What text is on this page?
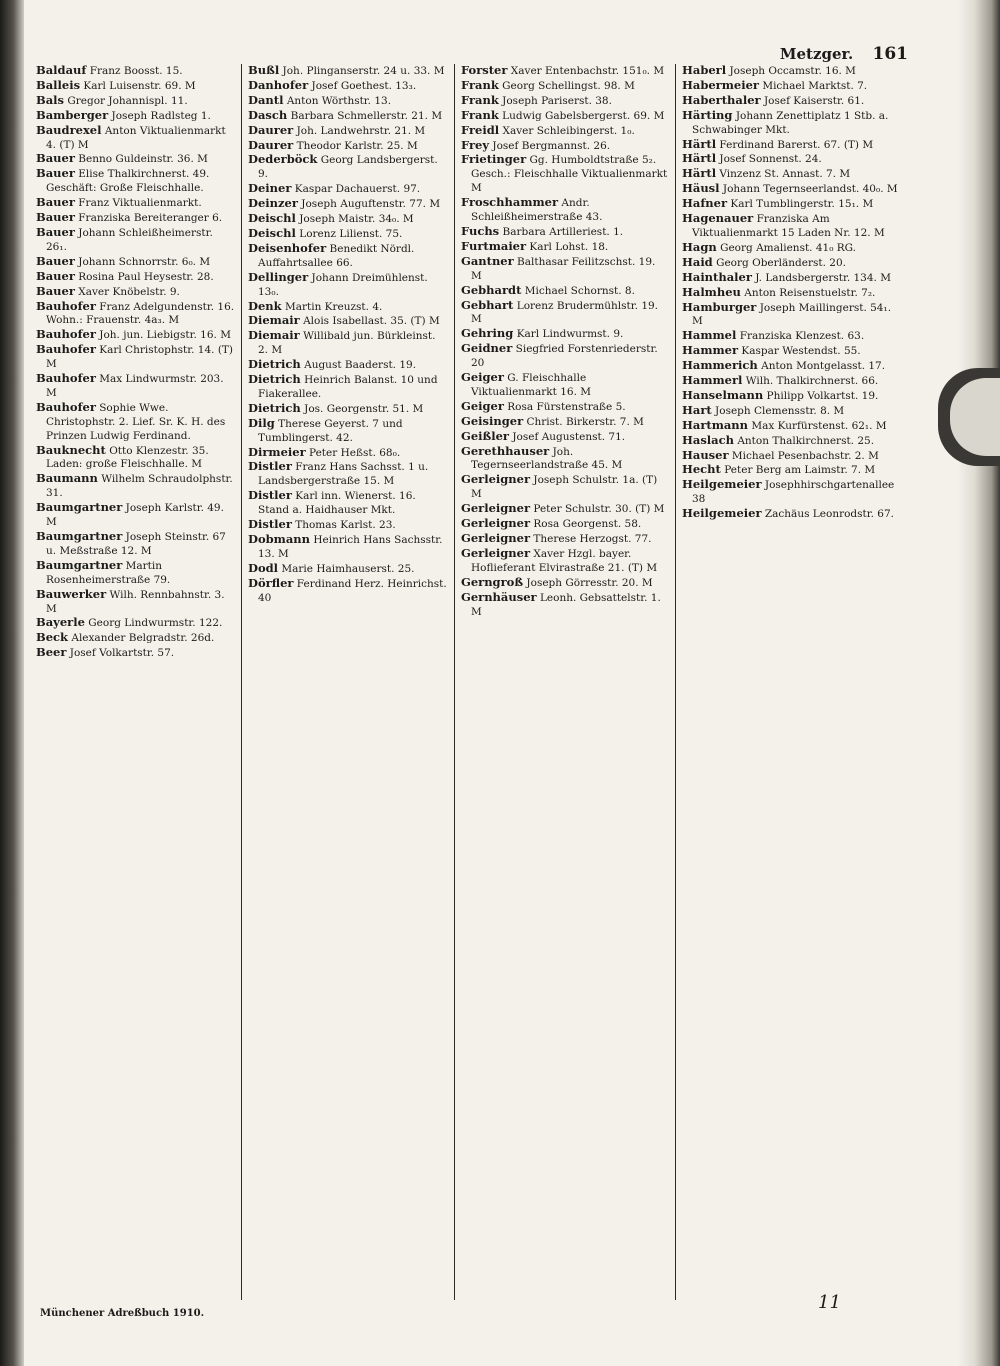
Metzger. 161
Baldauf Franz Boosst. 15.
Balleis Karl Luisenstr. 69. M
Bals Gregor Johannispl. 11.
Bamberger Joseph Radlsteg 1.
Baudrexel Anton Viktualienmarkt 4. (T) M
Bauer Benno Guldeinstr. 36. M
Bauer Elise Thalkirchnerst. 49. Geschäft: Große Fleischhalle.
Bauer Franz Viktualienmarkt.
Bauer Franziska Bereiteranger 6.
Bauer Johann Schleißheimerstr. 26₁.
Bauer Johann Schnorrstr. 6₀. M
Bauer Rosina Paul Heysestr. 28.
Bauer Xaver Knöbelstr. 9.
Bauhofer Franz Adelgundenstr. 16. Wohn.: Frauenstr. 4a₃. M
Bauhofer Joh. jun. Liebigstr. 16. M
Bauhofer Karl Christophstr. 14. (T) M
Bauhofer Max Lindwurmstr. 203. M
Bauhofer Sophie Wwe. Christophstr. 2. Lief. Sr. K. H. des Prinzen Ludwig Ferdinand.
Bauknecht Otto Klenzestr. 35. Laden: große Fleischhalle. M
Baumann Wilhelm Schraudolphstr. 31.
Baumgartner Joseph Karlstr. 49. M
Baumgartner Joseph Steinstr. 67 u. Meßstraße 12. M
Baumgartner Martin Rosenheimerstraße 79.
Bauwerker Wilh. Rennbahnstr. 3. M
Bayerle Georg Lindwurmstr. 122.
Beck Alexander Belgradstr. 26d.
Beer Josef Volkartstr. 57.
Bußl Joh. Plinganserstr. 24 u. 33. M
Danhofer Josef Goethest. 13₃.
Dantl Anton Wörthstr. 13.
Dasch Barbara Schmellerstr. 21. M
Daurer Joh. Landwehrstr. 21. M
Daurer Theodor Karlstr. 25. M
Dederböck Georg Landsbergerst. 9.
Deiner Kaspar Dachauerst. 97.
Deinzer Joseph Auguftenstr. 77. M
Deischl Joseph Maistr. 34₀. M
Deischl Lorenz Lilienst. 75.
Deisenhofer Benedikt Nördl. Auffahrtsallee 66.
Dellinger Johann Dreimühlenst. 13₀.
Denk Martin Kreuzst. 4.
Diemair Alois Isabellast. 35. (T) M
Diemair Willibald jun. Bürkleinst. 2. M
Dietrich August Baaderst. 19.
Dietrich Heinrich Balanst. 10 und Fiakerallee.
Dietrich Jos. Georgenstr. 51. M
Dilg Therese Geyerst. 7 und Tumblingerst. 42.
Dirmeier Peter Heßst. 68₀.
Distler Franz Hans Sachsst. 1 u. Landsbergerstraße 15. M
Distler Karl inn. Wienerst. 16. Stand a. Haidhauser Mkt.
Distler Thomas Karlst. 23.
Dobmann Heinrich Hans Sachsstr. 13. M
Dodl Marie Haimhauserst. 25.
Dörfler Ferdinand Herz. Heinrichst. 40
Forster Xaver Entenbachstr. 151₀. M
Frank Georg Schellingst. 98. M
Frank Joseph Pariserst. 38.
Frank Ludwig Gabelsbergerst. 69. M
Freidl Xaver Schleibingerst. 1₀.
Frey Josef Bergmannst. 26.
Frietinger Gg. Humboldtstraße 5₂. Gesch.: Fleischhalle Viktualienmarkt M
Froschhammer Andr. Schleißheimerstraße 43.
Fuchs Barbara Artilleriest. 1.
Furtmaier Karl Lohst. 18.
Gantner Balthasar Feilitzschst. 19. M
Gebhardt Michael Schornst. 8.
Gebhart Lorenz Brudermühlstr. 19. M
Gehring Karl Lindwurmst. 9.
Geidner Siegfried Forstenriederstr. 20
Geiger G. Fleischhalle Viktualienmarkt 16. M
Geiger Rosa Fürstenstraße 5.
Geisinger Christ. Birkerstr. 7. M
Geißler Josef Augustenst. 71.
Gerethhauser Joh. Tegernseerlandstraße 45. M
Gerleigner Joseph Schulstr. 1a. (T) M
Gerleigner Peter Schulstr. 30. (T) M
Gerleigner Rosa Georgenst. 58.
Gerleigner Therese Herzogst. 77.
Gerleigner Xaver Hzgl. bayer. Hoflieferant Elvirastraße 21. (T) M
Gerngroß Joseph Görresstr. 20. M
Gernhäuser Leonh. Gebsattelstr. 1. M
Haberl Joseph Occamstr. 16. M
Habermeier Michael Marktst. 7.
Haberthaler Josef Kaiserstr. 61.
Härting Johann Zenettiplatz 1 Stb. a. Schwabinger Mkt.
Härtl Ferdinand Barerst. 67. (T) M
Härtl Josef Sonnenst. 24.
Härtl Vinzenz St. Annast. 7. M
Häusl Johann Tegernseerlandst. 40₀. M
Hafner Karl Tumblingerstr. 15₁. M
Hagenauer Franziska Am Viktualienmarkt 15 Laden Nr. 12. M
Hagn Georg Amalienst. 41₀ RG.
Haid Georg Oberländerst. 20.
Hainthaler J. Landsbergerstr. 134. M
Halmheu Anton Reisenstuelstr. 7₂.
Hamburger Joseph Maillingerst. 54₁. M
Hammel Franziska Klenzest. 63.
Hammer Kaspar Westendst. 55.
Hammerich Anton Montgelasst. 17.
Hammerl Wilh. Thalkirchnerst. 66.
Hanselmann Philipp Volkartst. 19.
Hart Joseph Clemensstr. 8. M
Hartmann Max Kurfürstenst. 62₁. M
Haslach Anton Thalkirchnerst. 25.
Hauser Michael Pesenbachstr. 2. M
Hecht Peter Berg am Laimstr. 7. M
Heilgemeier Josephhirschgartenallee 38
Heilgemeier Zachäus Leonrodstr. 67.
Münchener Adreßbuch 1910.
11
